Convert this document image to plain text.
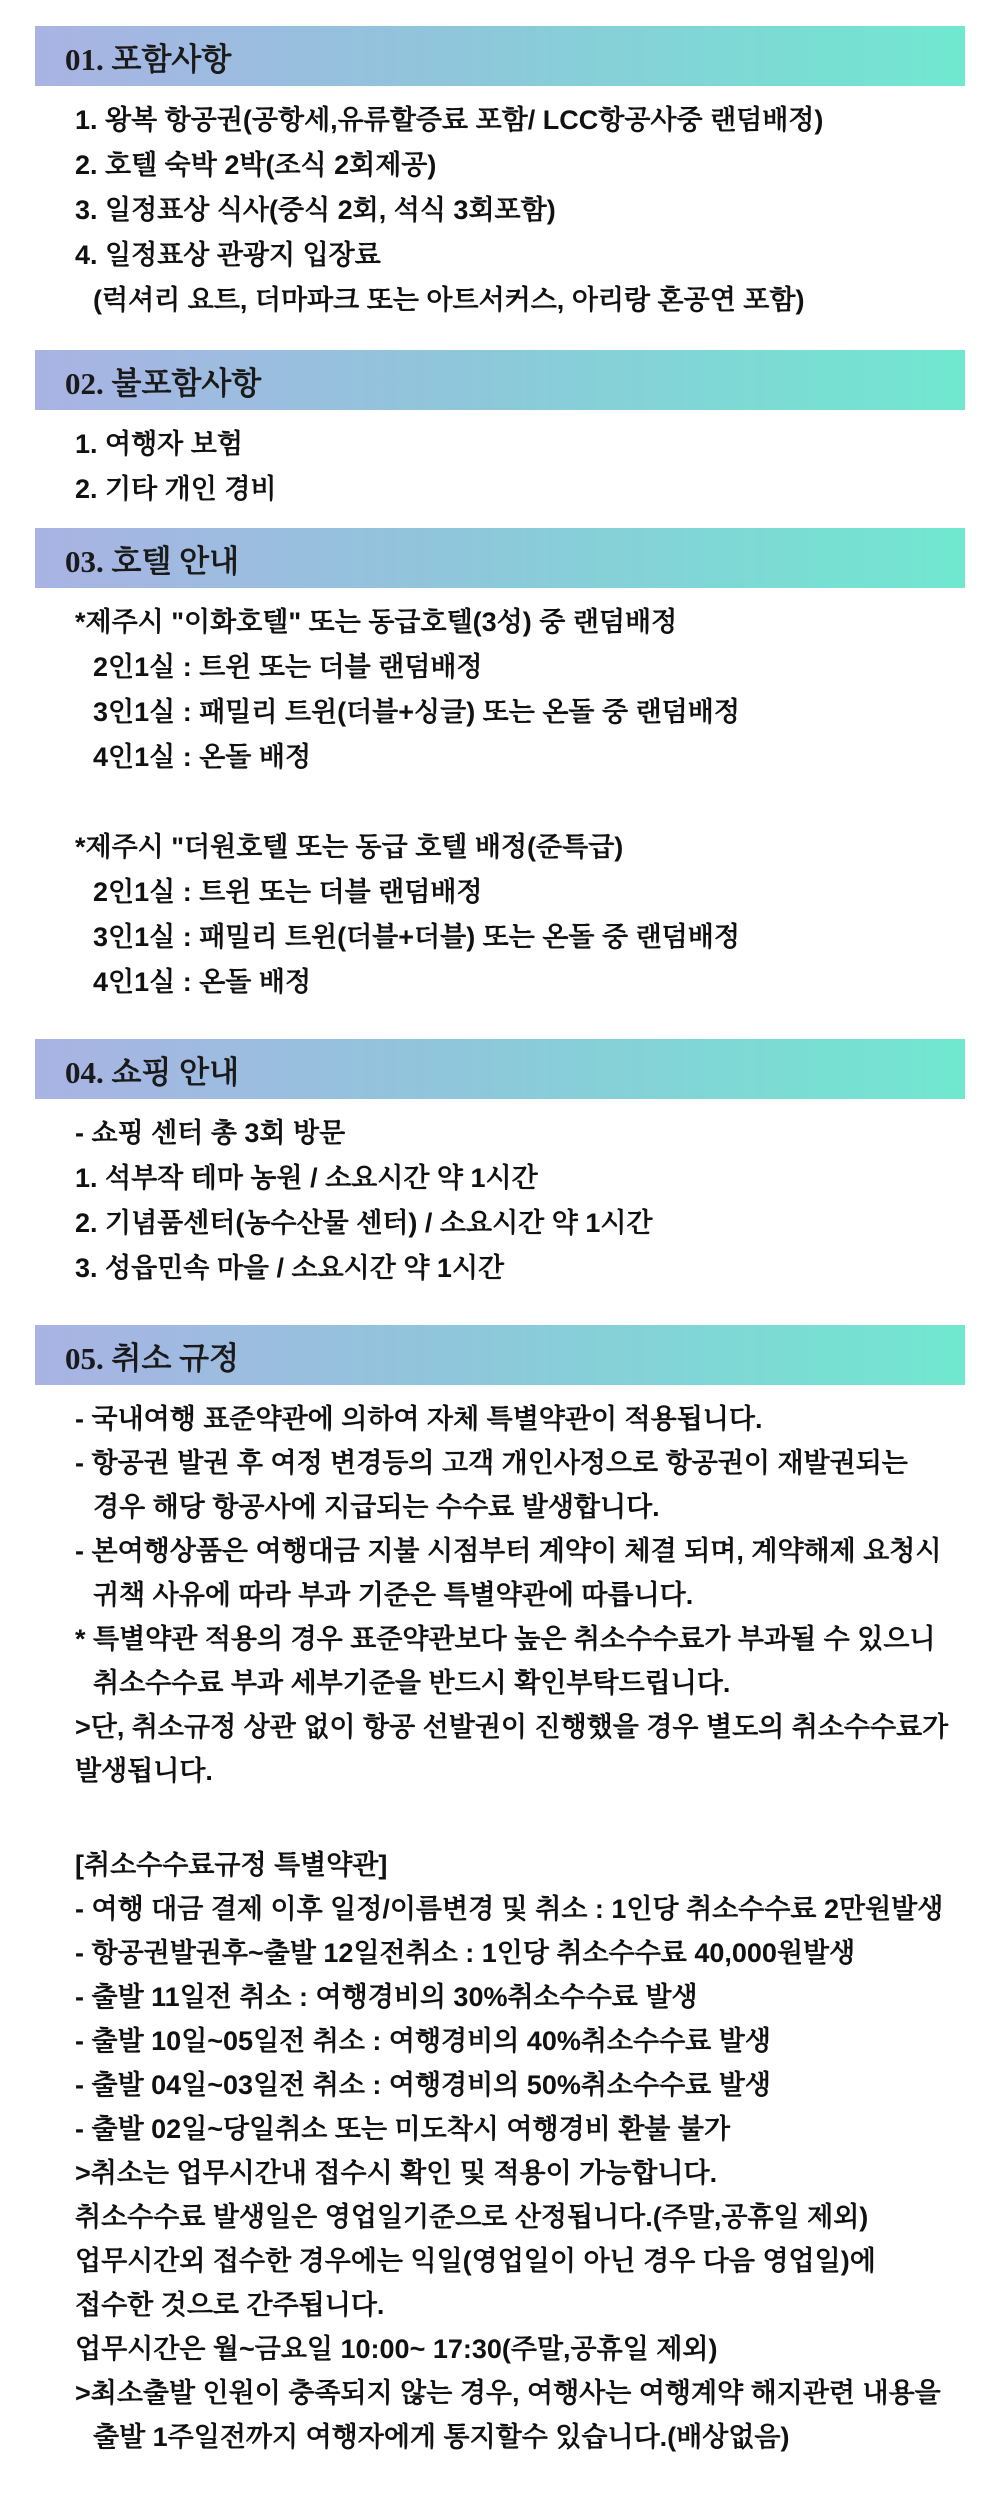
01. 포함사항
1. 왕복 항공권(공항세,유류할증료 포함/ LCC항공사중 랜덤배정)
2. 호텔 숙박 2박(조식 2회제공)
3. 일정표상 식사(중식 2회, 석식 3회포함)
4. 일정표상 관광지 입장료
(럭셔리 요트, 더마파크 또는 아트서커스, 아리랑 혼공연 포함)
02. 불포함사항
1. 여행자 보험
2. 기타 개인 경비
03. 호텔 안내
*제주시 "이화호텔" 또는 동급호텔(3성) 중 랜덤배정
2인1실 : 트윈 또는 더블 랜덤배정
3인1실 : 패밀리 트윈(더블+싱글) 또는 온돌 중 랜덤배정
4인1실 : 온돌 배정
*제주시 "더원호텔 또는 동급 호텔 배정(준특급)
2인1실 : 트윈 또는 더블 랜덤배정
3인1실 : 패밀리 트윈(더블+더블) 또는 온돌 중 랜덤배정
4인1실 : 온돌 배정
04. 쇼핑 안내
- 쇼핑 센터 총 3회 방문
1. 석부작 테마 농원 / 소요시간 약 1시간
2. 기념품센터(농수산물 센터) / 소요시간 약 1시간
3. 성읍민속 마을 / 소요시간 약 1시간
05. 취소 규정
- 국내여행 표준약관에 의하여 자체 특별약관이 적용됩니다.
- 항공권 발권 후 여정 변경등의 고객 개인사정으로 항공권이 재발권되는
경우 해당 항공사에 지급되는 수수료 발생합니다.
- 본여행상품은 여행대금 지불 시점부터 계약이 체결 되며, 계약해제 요청시
귀책 사유에 따라 부과 기준은 특별약관에 따릅니다.
* 특별약관 적용의 경우 표준약관보다 높은 취소수수료가 부과될 수 있으니
취소수수료 부과 세부기준을 반드시 확인부탁드립니다.
>단, 취소규정 상관 없이 항공 선발권이 진행했을 경우 별도의 취소수수료가
발생됩니다.
[취소수수료규정 특별약관]
- 여행 대금 결제 이후 일정/이름변경 및 취소 : 1인당 취소수수료 2만원발생
- 항공권발권후~출발 12일전취소 : 1인당 취소수수료 40,000원발생
- 출발 11일전 취소 : 여행경비의 30%취소수수료 발생
- 출발 10일~05일전 취소 : 여행경비의 40%취소수수료 발생
- 출발 04일~03일전 취소 : 여행경비의 50%취소수수료 발생
- 출발 02일~당일취소 또는 미도착시 여행경비 환불 불가
>취소는 업무시간내 접수시 확인 및 적용이 가능합니다.
취소수수료 발생일은 영업일기준으로 산정됩니다.(주말,공휴일 제외)
업무시간외 접수한 경우에는 익일(영업일이 아닌 경우 다음 영업일)에
접수한 것으로 간주됩니다.
업무시간은 월~금요일 10:00~ 17:30(주말,공휴일 제외)
>최소출발 인원이 충족되지 않는 경우, 여행사는 여행계약 해지관련 내용을
출발 1주일전까지 여행자에게 통지할수 있습니다.(배상없음)
